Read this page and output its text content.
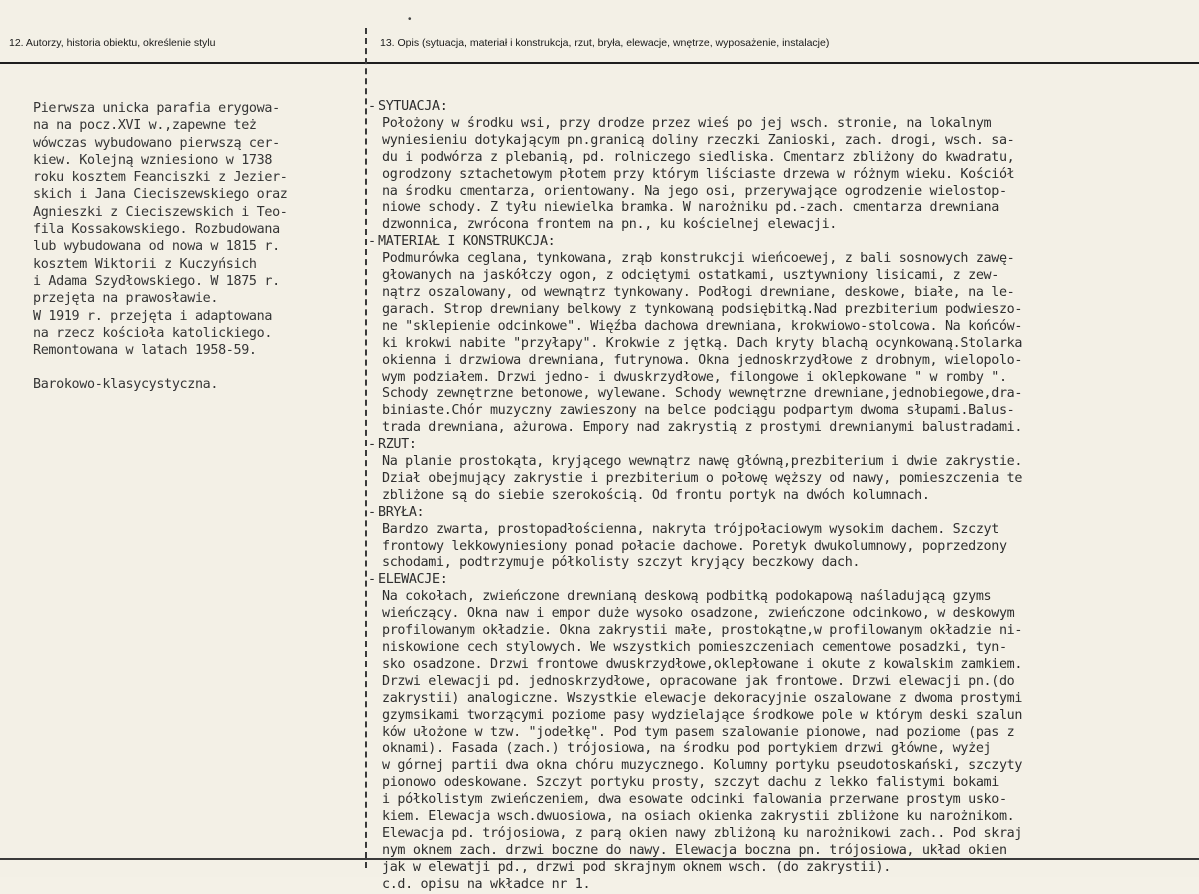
•
12. Autorzy, historia obiektu, określenie stylu	13. Opis (sytuacja, materiał i konstrukcja, rzut, bryła, elewacje, wnętrze, wyposażenie, instalacje)
Pierwsza unicka parafia erygowa-
na na pocz.XVI w.,zapewne też
wówczas wybudowano pierwszą cer-
kiew. Kolejną wzniesiono w 1738
roku kosztem Feanciszki z Jezier-
skich i Jana Cieciszewskiego oraz
Agnieszki z Cieciszewskich i Teo-
fila Kossakowskiego. Rozbudowana
lub wybudowana od nowa w 1815 r.
kosztem Wiktorii z Kuczyńsich
i Adama Szydłowskiego. W 1875 r.
przejęta na prawosławie.
W 1919 r. przejęta i adaptowana
na rzecz kościoła katolickiego.
Remontowana w latach 1958-59.
Barokowo-klasycystyczna.
- SYTUACJA:
Położony w środku wsi, przy drodze przez wieś po jej wsch. stronie, na lokalnym
wyniesieniu dotykającym pn.granicą doliny rzeczki Zanioski, zach. drogi, wsch. sa-
du i podwórza z plebanią, pd. rolniczego siedliska. Cmentarz zbliżony do kwadratu,
ogrodzony sztachetowym płotem przy którym liściaste drzewa w różnym wieku. Kościół
na środku cmentarza, orientowany. Na jego osi, przerywające ogrodzenie wielostop-
niowe schody. Z tyłu niewielka bramka. W narożniku pd.-zach. cmentarza drewniana
dzwonnica, zwrócona frontem na pn., ku kościelnej elewacji.
- MATERIAŁ I KONSTRUKCJA:
Podmurówka ceglana, tynkowana, zrąb konstrukcji wieńcoewej, z bali sosnowych zawę-
głowanych na jaskółczy ogon, z odciętymi ostatkami, usztywniony lisicami, z zew-
nątrz oszalowany, od wewnątrz tynkowany. Podłogi drewniane, deskowe, białe, na le-
garach. Strop drewniany belkowy z tynkowaną podsiębitką.Nad prezbiterium podwieszo-
ne "sklepienie odcinkowe". Więźba dachowa drewniana, krokwiowo-stolcowa. Na końców-
ki krokwi nabite "przyłapy". Krokwie z jętką. Dach kryty blachą ocynkowaną.Stolarka
okienna i drzwiowa drewniana, futrynowa. Okna jednoskrzydłowe z drobnym, wielopolo-
wym podziałem. Drzwi jedno- i dwuskrzydłowe, filongowe i oklepkowane " w romby ".
Schody zewnętrzne betonowe, wylewane. Schody wewnętrzne drewniane,jednobiegowe,dra-
biniaste.Chór muzyczny zawieszony na belce podciągu podpartym dwoma słupami.Balus-
trada drewniana, ażurowa. Empory nad zakrystią z prostymi drewnianymi balustradami.
- RZUT:
Na planie prostokąta, kryjącego wewnątrz nawę główną,prezbiterium i dwie zakrystie.
Dział obejmujący zakrystie i prezbiterium o połowę węższy od nawy, pomieszczenia te
zbliżone są do siebie szerokością. Od frontu portyk na dwóch kolumnach.
- BRYŁA:
Bardzo zwarta, prostopadłościenna, nakryta trójpołaciowym wysokim dachem. Szczyt
frontowy lekkowyniesiony ponad połacie dachowe. Poretyk dwukolumnowy, poprzedzony
schodami, podtrzymuje półkolisty szczyt kryjący beczkowy dach.
- ELEWACJE:
Na cokołach, zwieńczone drewnianą deskową podbitką podokapową naśladującą gzyms
wieńczący. Okna naw i empor duże wysoko osadzone, zwieńczone odcinkowo, w deskowym
profilowanym okładzie. Okna zakrystii małe, prostokątne,w profilowanym okładzie ni-
niskowione cech stylowych. We wszystkich pomieszczeniach cementowe posadzki, tyn-
sko osadzone. Drzwi frontowe dwuskrzydłowe,oklepłowane i okute z kowalskim zamkiem.
Drzwi elewacji pd. jednoskrzydłowe, opracowane jak frontowe. Drzwi elewacji pn.(do
zakrystii) analogiczne. Wszystkie elewacje dekoracyjnie oszalowane z dwoma prostymi
gzymsikami tworzącymi poziome pasy wydzielające środkowe pole w którym deski szalun
ków ułożone w tzw. "jodełkę". Pod tym pasem szalowanie pionowe, nad poziome (pas z
oknami). Fasada (zach.) trójosiowa, na środku pod portykiem drzwi główne, wyżej
w górnej partii dwa okna chóru muzycznego. Kolumny portyku pseudotoskański, szczyty
pionowo odeskowane. Szczyt portyku prosty, szczyt dachu z lekko falistymi bokami
i półkolistym zwieńczeniem, dwa esowate odcinki falowania przerwane prostym usko-
kiem. Elewacja wsch.dwuosiowa, na osiach okienka zakrystii zbliżone ku narożnikom.
Elewacja pd. trójosiowa, z parą okien nawy zbliżoną ku narożnikowi zach.. Pod skraj
nym oknem zach. drzwi boczne do nawy. Elewacja boczna pn. trójosiowa, układ okien
jak w elewatji pd., drzwi pod skrajnym oknem wsch. (do zakrystii).
c.d. opisu na wkładce nr 1.
